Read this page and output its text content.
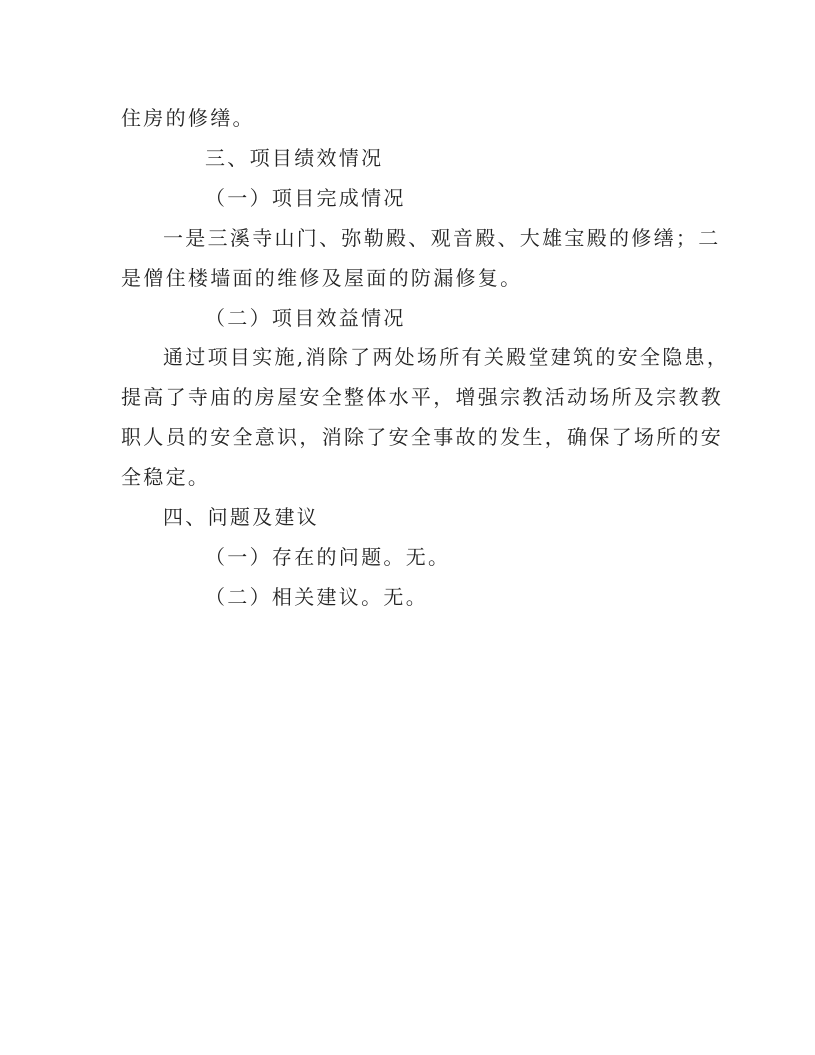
住房的修缮。
三、项目绩效情况
（一）项目完成情况
一是三溪寺山门、弥勒殿、观音殿、大雄宝殿的修缮；二
是僧住楼墙面的维修及屋面的防漏修复。
（二）项目效益情况
通过项目实施,消除了两处场所有关殿堂建筑的安全隐患，
提高了寺庙的房屋安全整体水平，增强宗教活动场所及宗教教
职人员的安全意识，消除了安全事故的发生，确保了场所的安
全稳定。
四、问题及建议
（一）存在的问题。无。
（二）相关建议。无。
